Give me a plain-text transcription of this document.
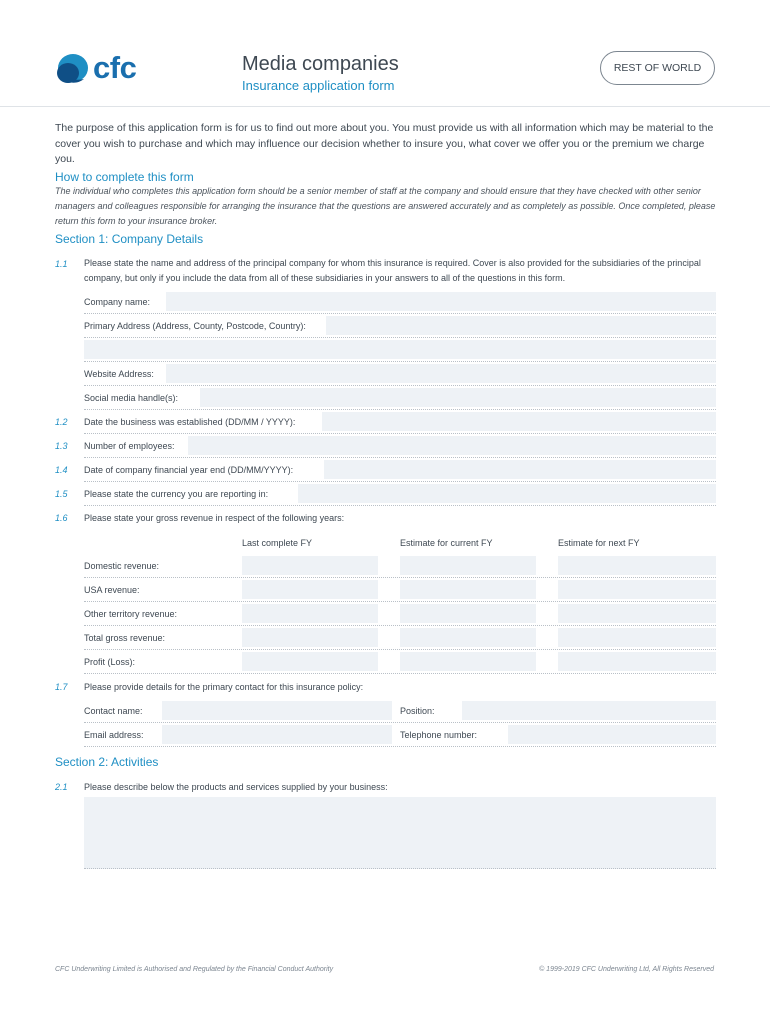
cfc	Media companies
Insurance application form
REST OF WORLD
The purpose of this application form is for us to find out more about you. You must provide us with all information which may be material to the cover you wish to purchase and which may influence our decision whether to insure you, what cover we offer you or the premium we charge you.
How to complete this form
The individual who completes this application form should be a senior member of staff at the company and should ensure that they have checked with other senior managers and colleagues responsible for arranging the insurance that the questions are answered accurately and as completely as possible. Once completed, please return this form to your insurance broker.
Section 1: Company Details
1.1 Please state the name and address of the principal company for whom this insurance is required. Cover is also provided for the subsidiaries of the principal company, but only if you include the data from all of these subsidiaries in your answers to all of the questions in this form.
Company name:
Primary Address (Address, County, Postcode, Country):
Website Address:
Social media handle(s):
1.2 Date the business was established (DD/MM / YYYY):
1.3 Number of employees:
1.4 Date of company financial year end (DD/MM/YYYY):
1.5 Please state the currency you are reporting in:
1.6 Please state your gross revenue in respect of the following years:
Last complete FY	Estimate for current FY	Estimate for next FY
Domestic revenue:
USA revenue:
Other territory revenue:
Total gross revenue:
Profit (Loss):
1.7 Please provide details for the primary contact for this insurance policy:
Contact name:	Position:
Email address:	Telephone number:
Section 2: Activities
2.1 Please describe below the products and services supplied by your business:
CFC Underwriting Limited is Authorised and Regulated by the Financial Conduct Authority	© 1999-2019 CFC Underwriting Ltd, All Rights Reserved
